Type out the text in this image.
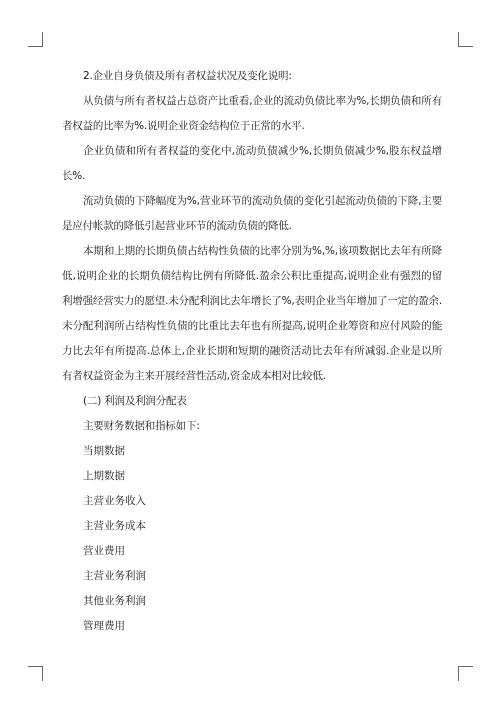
2.企业自身负债及所有者权益状况及变化说明:

从负债与所有者权益占总资产比重看,企业的流动负债比率为%,长期负债和所有者权益的比率为%.说明企业资金结构位于正常的水平.

企业负债和所有者权益的变化中,流动负债减少%,长期负债减少%,股东权益增长%.

流动负债的下降幅度为%,营业环节的流动负债的变化引起流动负债的下降,主要是应付帐款的降低引起营业环节的流动负债的降低.

本期和上期的长期负债占结构性负债的比率分别为%,%,该项数据比去年有所降低,说明企业的长期负债结构比例有所降低.盈余公积比重提高,说明企业有强烈的留利增强经营实力的愿望.未分配利润比去年增长了%,表明企业当年增加了一定的盈余.未分配利润所占结构性负债的比重比去年也有所提高,说明企业筹资和应付风险的能力比去年有所提高.总体上,企业长期和短期的融资活动比去年有所减弱.企业是以所有者权益资金为主来开展经营性活动,资金成本相对比较低.

(二) 利润及利润分配表

主要财务数据和指标如下:

当期数据

上期数据

主营业务收入

主营业务成本

营业费用

主营业务利润

其他业务利润

管理费用
